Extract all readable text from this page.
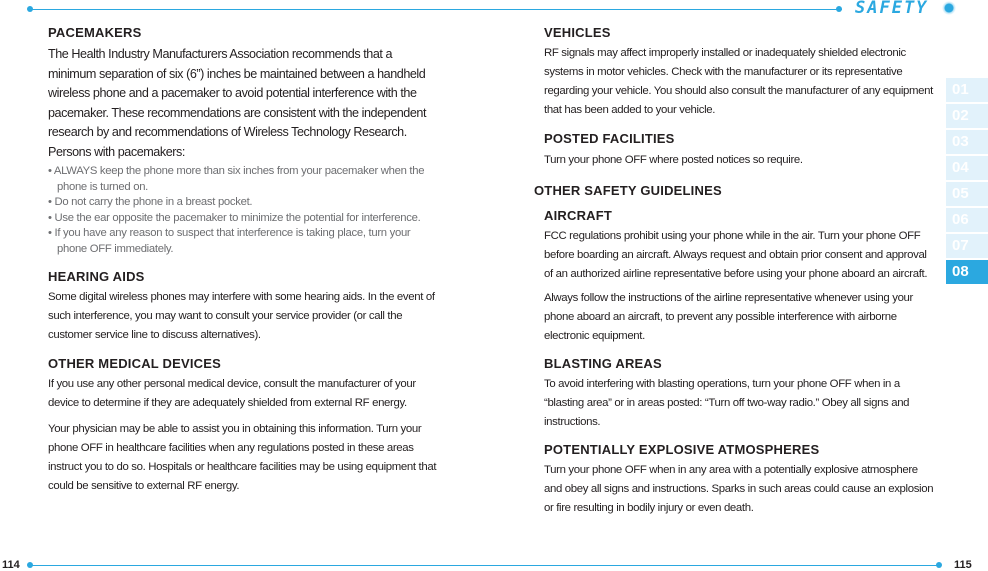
SAFETY
114	115
01
02
03
04
05
06
07
08
PACEMAKERS

The Health Industry Manufacturers Association recommends that a minimum separation of six (6”) inches be maintained between a handheld wireless phone and a pacemaker to avoid potential interference with the pacemaker. These recommendations are consistent with the independent research by and recommendations of Wireless Technology Research. Persons with pacemakers:

• ALWAYS keep the phone more than six inches from your pacemaker when the phone is turned on.
• Do not carry the phone in a breast pocket.
• Use the ear opposite the pacemaker to minimize the potential for interference.
• If you have any reason to suspect that interference is taking place, turn your phone OFF immediately.
HEARING AIDS

Some digital wireless phones may interfere with some hearing aids. In the event of such interference, you may want to consult your service provider (or call the customer service line to discuss alternatives).

OTHER MEDICAL DEVICES

If you use any other personal medical device, consult the manufacturer of your device to determine if they are adequately shielded from external RF energy.

Your physician may be able to assist you in obtaining this information. Turn your phone OFF in healthcare facilities when any regulations posted in these areas instruct you to do so. Hospitals or healthcare facilities may be using equipment that could be sensitive to external RF energy.

VEHICLES

RF signals may affect improperly installed or inadequately shielded electronic systems in motor vehicles. Check with the manufacturer or its representative regarding your vehicle. You should also consult the manufacturer of any equipment that has been added to your vehicle.

POSTED FACILITIES

Turn your phone OFF where posted notices so require.

OTHER SAFETY GUIDELINES
AIRCRAFT

FCC regulations prohibit using your phone while in the air. Turn your phone OFF before boarding an aircraft. Always request and obtain prior consent and approval of an authorized airline representative before using your phone aboard an aircraft.

Always follow the instructions of the airline representative whenever using your phone aboard an aircraft, to prevent any possible interference with airborne electronic equipment.

BLASTING AREAS

To avoid interfering with blasting operations, turn your phone OFF when in a “blasting area” or in areas posted: “Turn off two-way radio.” Obey all signs and instructions.

POTENTIALLY EXPLOSIVE ATMOSPHERES

Turn your phone OFF when in any area with a potentially explosive atmosphere and obey all signs and instructions. Sparks in such areas could cause an explosion or fire resulting in bodily injury or even death.
